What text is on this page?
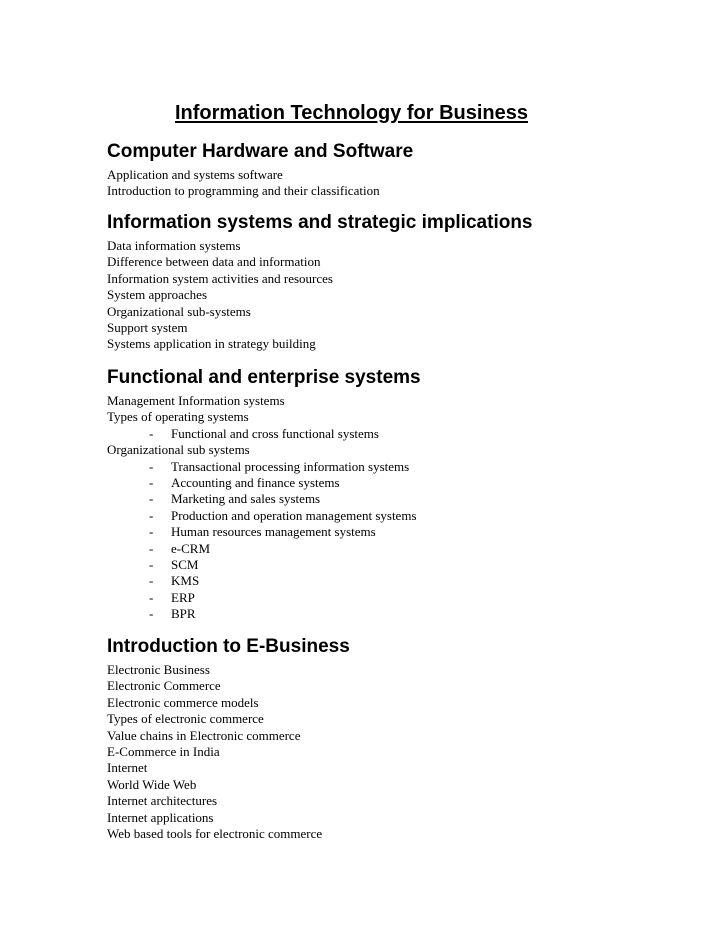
Information Technology for Business
Computer Hardware and Software
Application and systems software
Introduction to programming and their classification
Information systems and strategic implications
Data information systems
Difference between data and information
Information system activities and resources
System approaches
Organizational sub-systems
Support system
Systems application in strategy building
Functional and enterprise systems
Management Information systems
Types of operating systems
- Functional and cross functional systems
Organizational sub systems
- Transactional processing information systems
- Accounting and finance systems
- Marketing and sales systems
- Production and operation management systems
- Human resources management systems
- e-CRM
- SCM
- KMS
- ERP
- BPR
Introduction to E-Business
Electronic Business
Electronic Commerce
Electronic commerce models
Types of electronic commerce
Value chains in Electronic commerce
E-Commerce in India
Internet
World Wide Web
Internet architectures
Internet applications
Web based tools for electronic commerce
